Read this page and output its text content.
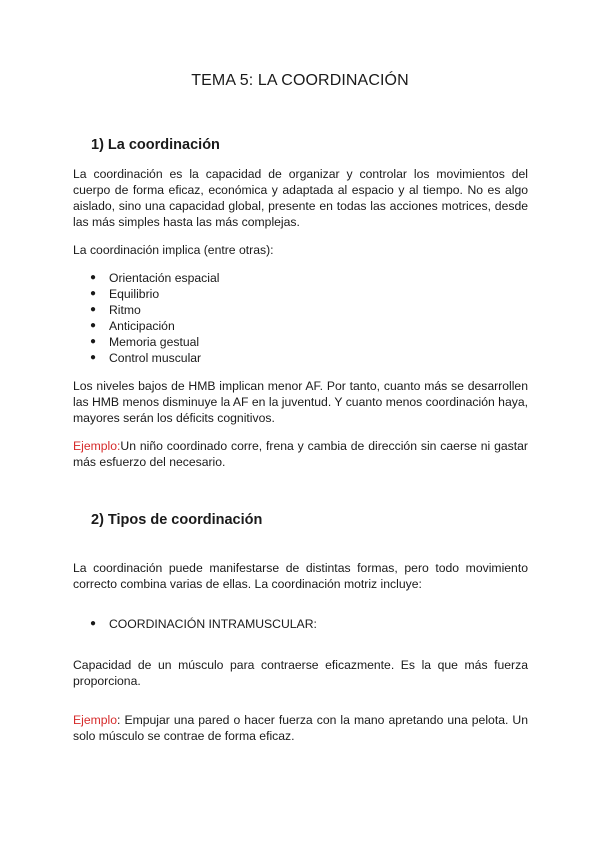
TEMA 5: LA COORDINACIÓN
1) La coordinación

La coordinación es la capacidad de organizar y controlar los movimientos del cuerpo de forma eficaz, económica y adaptada al espacio y al tiempo. No es algo aislado, sino una capacidad global, presente en todas las acciones motrices, desde las más simples hasta las más complejas.

La coordinación implica (entre otras):

● Orientación espacial
● Equilibrio
● Ritmo
● Anticipación
● Memoria gestual
● Control muscular

Los niveles bajos de HMB implican menor AF. Por tanto, cuanto más se desarrollen las HMB menos disminuye la AF en la juventud. Y cuanto menos coordinación haya, mayores serán los déficits cognitivos.

Ejemplo:Un niño coordinado corre, frena y cambia de dirección sin caerse ni gastar más esfuerzo del necesario.

2) Tipos de coordinación

La coordinación puede manifestarse de distintas formas, pero todo movimiento correcto combina varias de ellas. La coordinación motriz incluye:

● COORDINACIÓN INTRAMUSCULAR:

Capacidad de un músculo para contraerse eficazmente. Es la que más fuerza proporciona.

Ejemplo: Empujar una pared o hacer fuerza con la mano apretando una pelota. Un solo músculo se contrae de forma eficaz.
